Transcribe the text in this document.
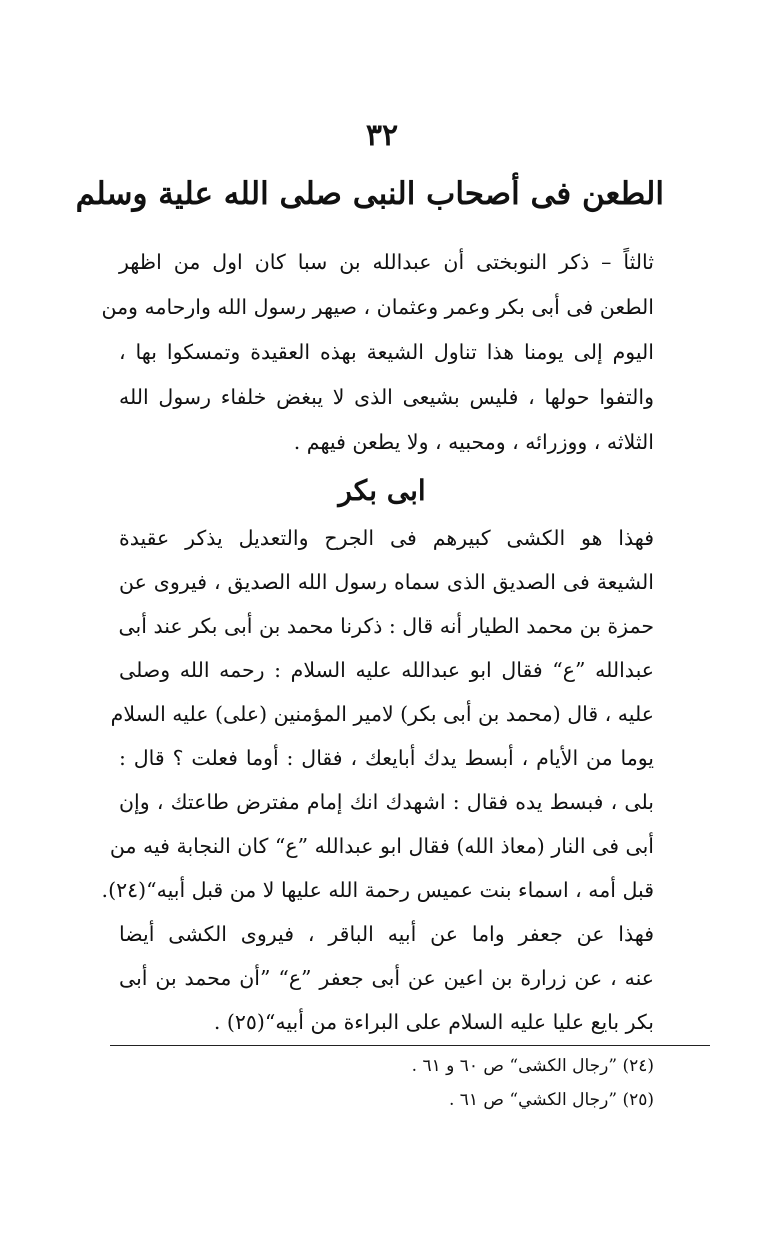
٣٢
الطعن فى أصحاب النبى صلى الله علية وسلم
ثالثاً – ذكر النوبختى أن عبدالله بن سبا كان اول من اظهر
الطعن فى أبى بكر وعمر وعثمان ، صيهر رسول الله وارحامه ومن
اليوم إلى يومنا هذا تناول الشيعة بهذه العقيدة وتمسكوا بها ،
والتفوا حولها ، فليس بشيعى الذى لا يبغض خلفاء رسول الله
الثلاثه ، ووزرائه ، ومحبيه ، ولا يطعن فيهم .
ابى بكر
فهذا هو الكشى كبيرهم فى الجرح والتعديل يذكر عقيدة
الشيعة فى الصديق الذى سماه رسول الله الصديق ، فيروى عن
حمزة بن محمد الطيار أنه قال : ذكرنا محمد بن أبى بكر عند أبى
عبدالله ”ع“ فقال ابو عبدالله عليه السلام : رحمه الله وصلى
عليه ، قال (محمد بن أبى بكر) لامير المؤمنين (على) عليه السلام
يوما من الأيام ، أبسط يدك أبايعك ، فقال : أوما فعلت ؟ قال :
بلى ، فبسط يده فقال : اشهدك انك إمام مفترض طاعتك ، وإن
أبى فى النار (معاذ الله) فقال ابو عبدالله ”ع“ كان النجابة فيه من
قبل أمه ، اسماء بنت عميس رحمة الله عليها لا من قبل أبيه“(٢٤).
فهذا عن جعفر واما عن أبيه الباقر ، فيروى الكشى أيضا
عنه ، عن زرارة بن اعين عن أبى جعفر ”ع“ ”أن محمد بن أبى
بكر بايع عليا عليه السلام على البراءة من أبيه“(٢٥) .
(٢٤) ”رجال الكشى“ ص ٦٠ و ٦١ .
(٢٥) ”رجال الكشي“ ص ٦١ .
